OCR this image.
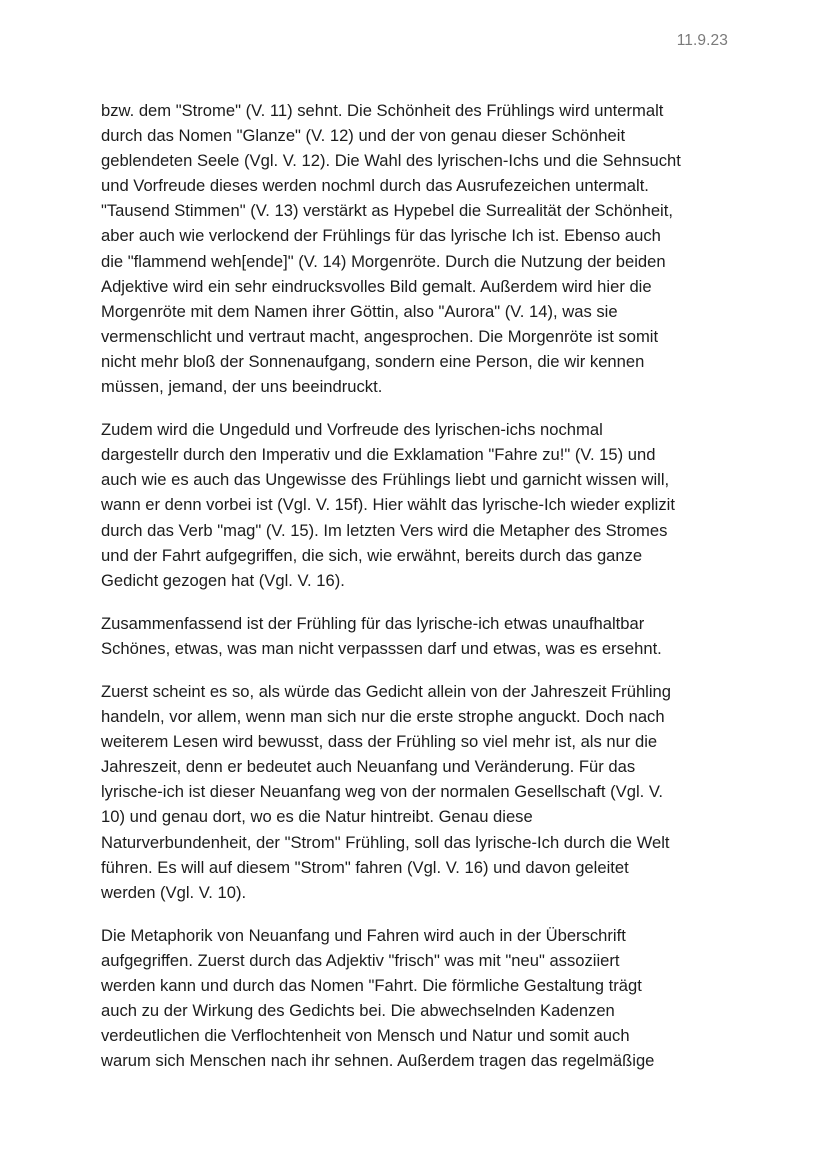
11.9.23
bzw. dem "Strome" (V. 11) sehnt. Die Schönheit des Frühlings wird untermalt
durch das Nomen "Glanze" (V. 12) und der von genau dieser Schönheit
geblendeten Seele (Vgl. V. 12). Die Wahl des lyrischen-Ichs und die Sehnsucht
und Vorfreude dieses werden nochml durch das Ausrufezeichen untermalt.
"Tausend Stimmen" (V. 13) verstärkt as Hypebel die Surrealität der Schönheit,
aber auch wie verlockend der Frühlings für das lyrische Ich ist. Ebenso auch
die "flammend weh[ende]" (V. 14) Morgenröte. Durch die Nutzung der beiden
Adjektive wird ein sehr eindrucksvolles Bild gemalt. Außerdem wird hier die
Morgenröte mit dem Namen ihrer Göttin, also "Aurora" (V. 14), was sie
vermenschlicht und vertraut macht, angesprochen. Die Morgenröte ist somit
nicht mehr bloß der Sonnenaufgang, sondern eine Person, die wir kennen
müssen, jemand, der uns beeindruckt.
Zudem wird die Ungeduld und Vorfreude des lyrischen-ichs nochmal
dargestellr durch den Imperativ und die Exklamation "Fahre zu!" (V. 15) und
auch wie es auch das Ungewisse des Frühlings liebt und garnicht wissen will,
wann er denn vorbei ist (Vgl. V. 15f). Hier wählt das lyrische-Ich wieder explizit
durch das Verb "mag" (V. 15). Im letzten Vers wird die Metapher des Stromes
und der Fahrt aufgegriffen, die sich, wie erwähnt, bereits durch das ganze
Gedicht gezogen hat (Vgl. V. 16).
Zusammenfassend ist der Frühling für das lyrische-ich etwas unaufhaltbar
Schönes, etwas, was man nicht verpasssen darf und etwas, was es ersehnt.
Zuerst scheint es so, als würde das Gedicht allein von der Jahreszeit Frühling
handeln, vor allem, wenn man sich nur die erste strophe anguckt. Doch nach
weiterem Lesen wird bewusst, dass der Frühling so viel mehr ist, als nur die
Jahreszeit, denn er bedeutet auch Neuanfang und Veränderung. Für das
lyrische-ich ist dieser Neuanfang weg von der normalen Gesellschaft (Vgl. V.
10) und genau dort, wo es die Natur hintreibt. Genau diese
Naturverbundenheit, der "Strom" Frühling, soll das lyrische-Ich durch die Welt
führen. Es will auf diesem "Strom" fahren (Vgl. V. 16) und davon geleitet
werden (Vgl. V. 10).
Die Metaphorik von Neuanfang und Fahren wird auch in der Überschrift
aufgegriffen. Zuerst durch das Adjektiv "frisch" was mit "neu" assoziiert
werden kann und durch das Nomen "Fahrt. Die förmliche Gestaltung trägt
auch zu der Wirkung des Gedichts bei. Die abwechselnden Kadenzen
verdeutlichen die Verflochtenheit von Mensch und Natur und somit auch
warum sich Menschen nach ihr sehnen. Außerdem tragen das regelmäßige
